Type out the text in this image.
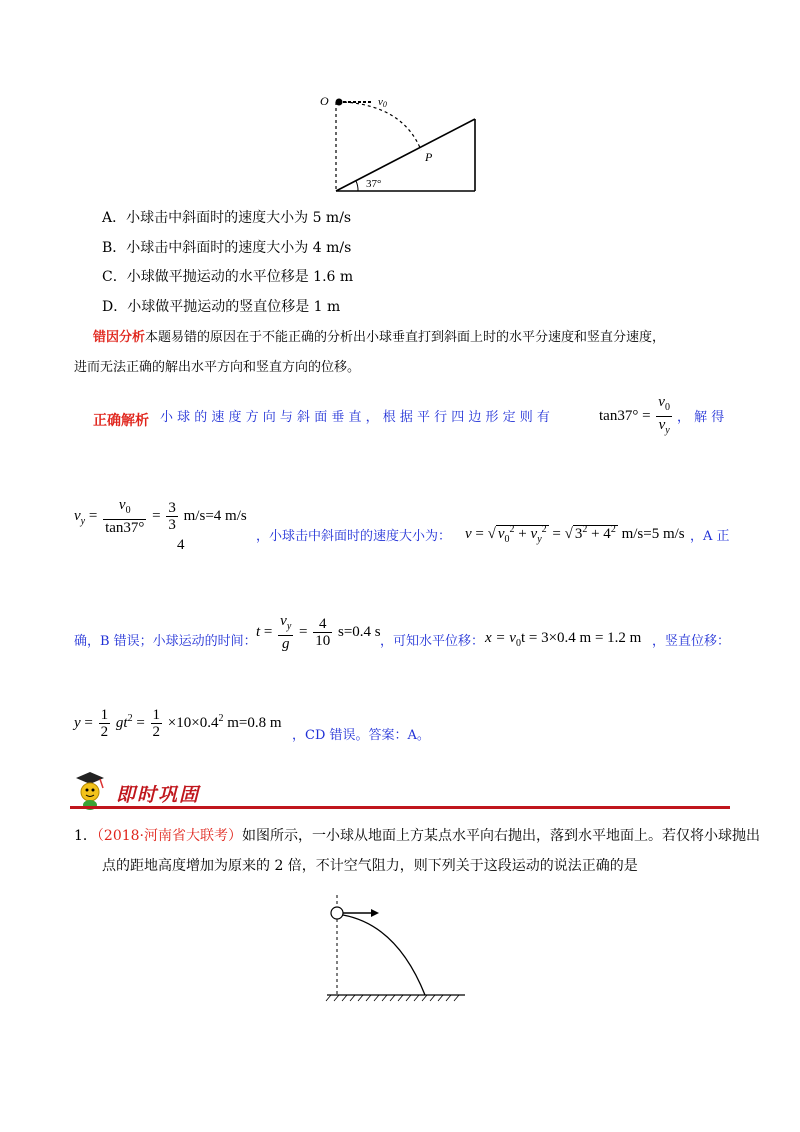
O	v0
P
37°
A．小球击中斜面时的速度大小为 5 m/s
B．小球击中斜面时的速度大小为 4 m/s
C．小球做平抛运动的水平位移是 1.6 m
D．小球做平抛运动的竖直位移是 1 m
错因分析本题易错的原因在于不能正确的分析出小球垂直打到斜面上时的水平分速度和竖直分速度，
进而无法正确的解出水平方向和竖直方向的位移。
正确解析 小 球 的 速 度 方 向 与 斜 面 垂 直 ， 根 据 平 行 四 边 形 定 则 有	$\tan 37^\circ = \frac{v_0}{v_y}$ ， 解 得
$v_y = \frac{v_0}{\tan 37^\circ} = \frac{3}{3} m/s=4$ m/s
4
，小球击中斜面时的速度大小为： v = √ $v_0^2 + v_y^2$ = √ $3^2 + 4^2$ m/s=5 m/s ，A 正
确，B 错误；小球运动的时间：
$t = \frac{v_y}{g} = \frac{4}{10} s=0.4$ s
，可知水平位移： $x = v_0t = 3\times 0.4$ m = 1.2 m ，竖直位移：
$y = \frac{1}{2} gt^2 = \frac{1}{2} \times 10\times 0.4^2$ m=0.8 m
，CD 错误。答案：A。
即时巩固
1．（2018·河南省大联考）如图所示，一小球从地面上方某点水平向右抛出，落到水平地面上。若仅将小球抛出
点的距地高度增加为原来的 2 倍，不计空气阻力，则下列关于这段运动的说法正确的是
